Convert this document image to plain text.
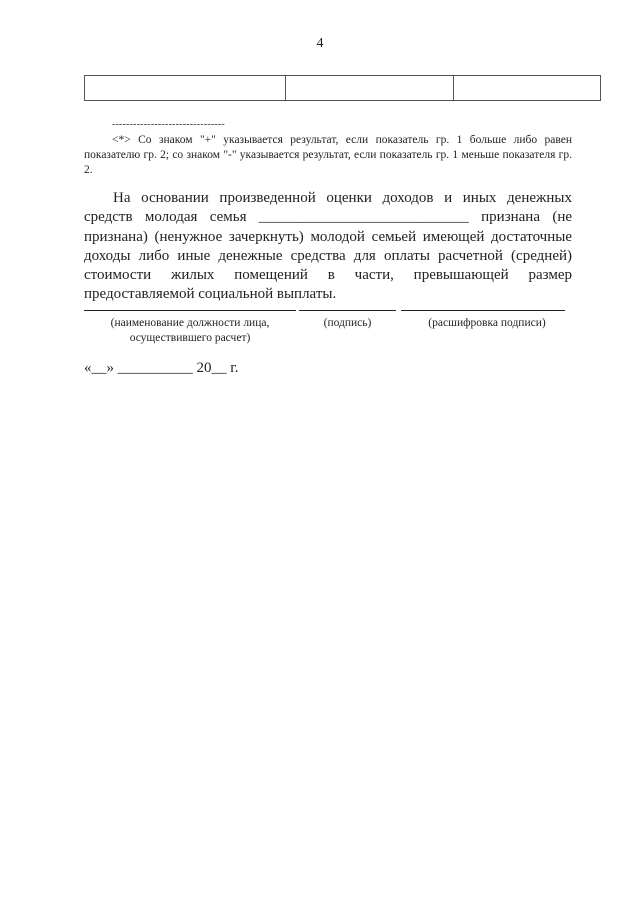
4

--------------------------------

<*> Со знаком "+" указывается результат, если показатель гр. 1 больше либо равен показателю гр. 2; со знаком "-" указывается результат, если показатель гр. 1 меньше показателя гр. 2.

На основании произведенной оценки доходов и иных денежных средств молодая семья ____________________________ признана (не признана) (ненужное зачеркнуть) молодой семьей имеющей достаточные доходы либо иные денежные средства для оплаты расчетной (средней) стоимости жилых помещений в части, превышающей размер предоставляемой социальной выплаты.

(наименование должности лица,
осуществившего расчет)
(подпись)	(расшифровка подписи)
«__» __________ 20__ г.
